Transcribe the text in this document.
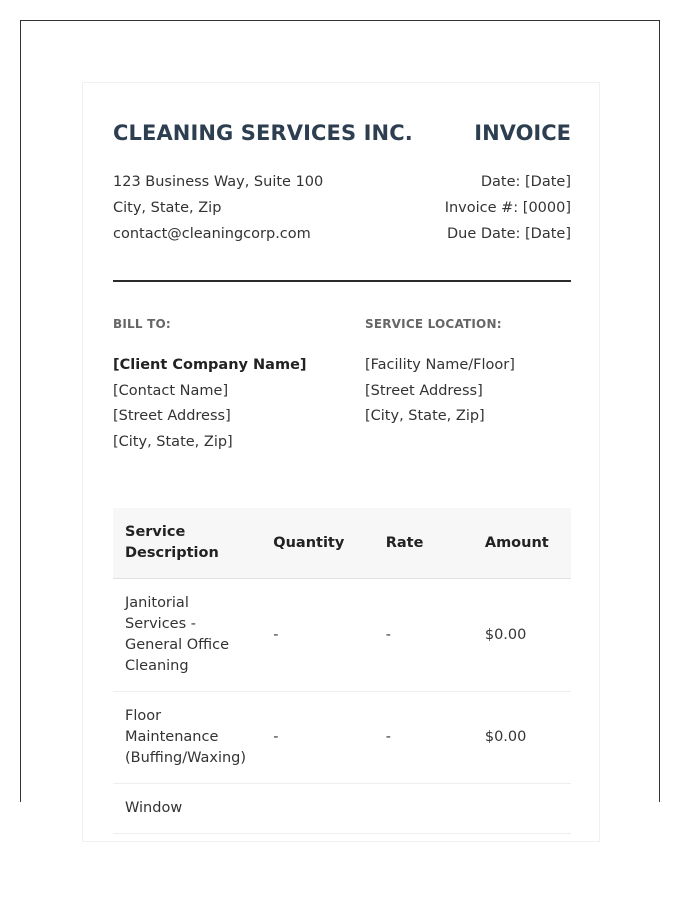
CLEANING SERVICES INC.	INVOICE
123 Business Way, Suite 100
City, State, Zip
contact@cleaningcorp.com
Date: [Date]
Invoice #: [0000]
Due Date: [Date]
BILL TO:
[Client Company Name]
[Contact Name]
[Street Address]
[City, State, Zip]
SERVICE LOCATION:
[Facility Name/Floor]
[Street Address]
[City, State, Zip]
Service Description	Quantity	Rate	Amount
Janitorial Services - General Office Cleaning	-	-	$0.00
Floor Maintenance (Buffing/Waxing)	-	-	$0.00
Window			
